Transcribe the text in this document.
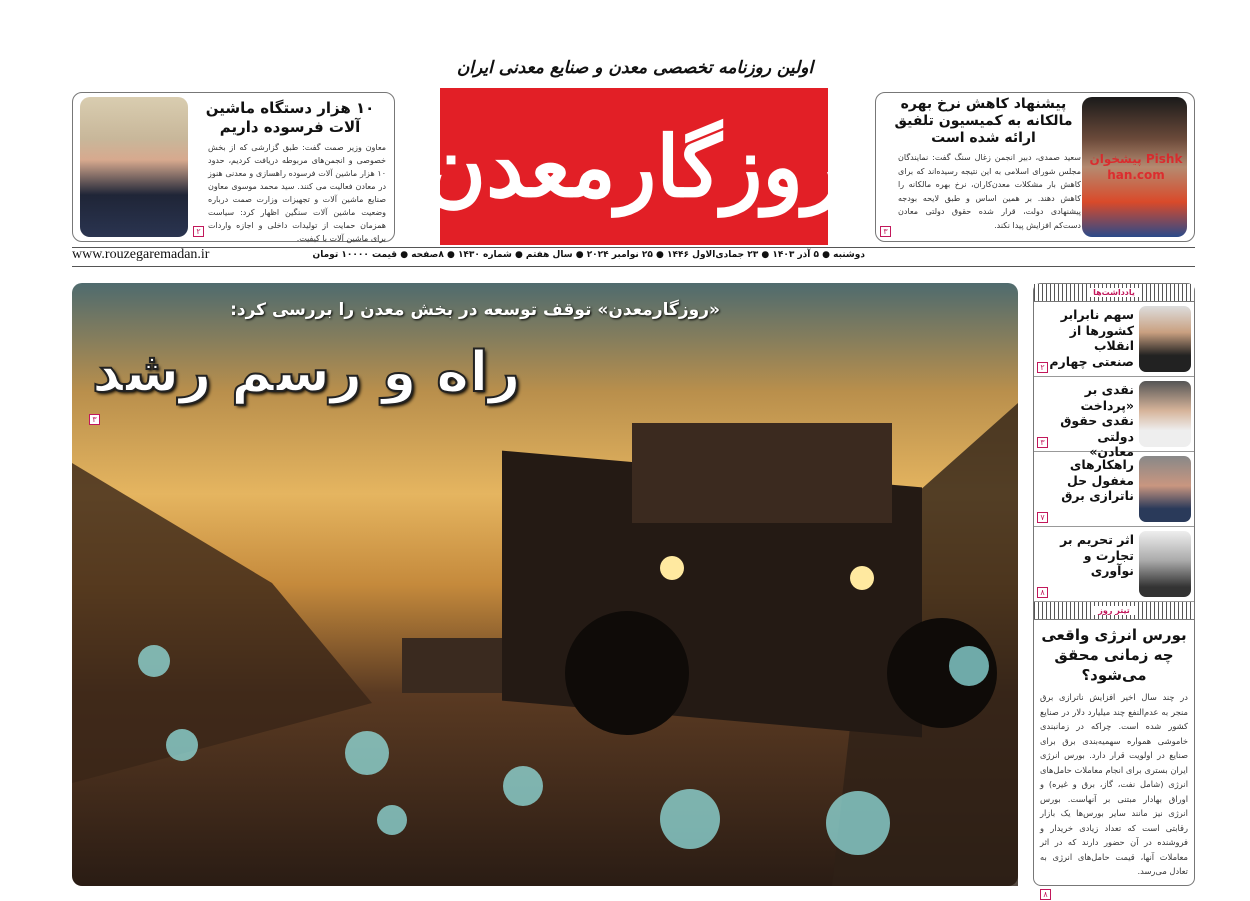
اولین روزنامه تخصصی معدن و صنایع معدنی ایران
روزگارمعدن
۱۰ هزار دستگاه ماشین آلات فرسوده داریم
معاون وزیر صمت گفت: طبق گزارشی که از بخش خصوصی و انجمن‌های مربوطه دریافت کردیم، حدود ۱۰ هزار ماشین آلات فرسوده راهسازی و معدنی هنوز در معادن فعالیت می کنند. سید محمد موسوی معاون صنایع ماشین آلات و تجهیزات وزارت صمت درباره وضعیت ماشین آلات سنگین اظهار کرد: سیاست همزمان حمایت از تولیدات داخلی و اجازه واردات برای ماشین آلات با کیفیت.
۲
پیشخوان Pishkhan.com
پیشنهاد کاهش نرخ بهره مالکانه به کمیسیون تلفیق ارائه شده است
سعید صمدی، دبیر انجمن زغال سنگ گفت: نمایندگان مجلس شورای اسلامی به این نتیجه رسیده‌اند که برای کاهش بار مشکلات معدن‌کاران، نرخ بهره مالکانه را کاهش دهند. بر همین اساس و طبق لایحه بودجه پیشنهادی دولت، قرار شده حقوق دولتی معادن دست‌کم افزایش پیدا نکند.
۳
www.rouzegaremadan.ir	دوشنبه ● ۵ آذر ۱۴۰۳ ● ۲۳ جمادی‌الاول ۱۴۴۶ ● ۲۵ نوامبر ۲۰۲۴ ● سال هفتم ● شماره ۱۴۳۰ ● ۸صفحه ● قیمت ۱۰۰۰۰ تومان
«روزگارمعدن» توقف توسعه در بخش معدن را بررسی کرد:
راه و رسم رشد
۳
یادداشت‌ها
سهم نابرابر کشورها از انقلاب صنعتی چهارم
۲
نقدی بر «پرداخت نقدی حقوق دولتی معادن»
۳
راهکارهای مغفول حل ناترازی برق
۷
اثر تحریم بر تجارت و نوآوری
۸
تیتر روز
بورس انرژی واقعی چه زمانی محقق می‌شود؟
در چند سال اخیر افزایش ناترازی برق منجر به عدم‌النفع چند میلیارد دلار در صنایع کشور شده است. چراکه در زمانبندی خاموشی همواره سهمیه‌بندی برق برای صنایع در اولویت قرار دارد. بورس انرژی ایران بستری برای انجام معاملات حامل‌های انرژی (شامل نفت، گاز، برق و غیره) و اوراق بهادار مبتنی بر آنهاست. بورس انرژی نیز مانند سایر بورس‌ها یک بازار رقابتی است که تعداد زیادی خریدار و فروشنده در آن حضور دارند که در اثر معاملات آنها، قیمت حامل‌های انرژی به تعادل می‌رسد.
۸
